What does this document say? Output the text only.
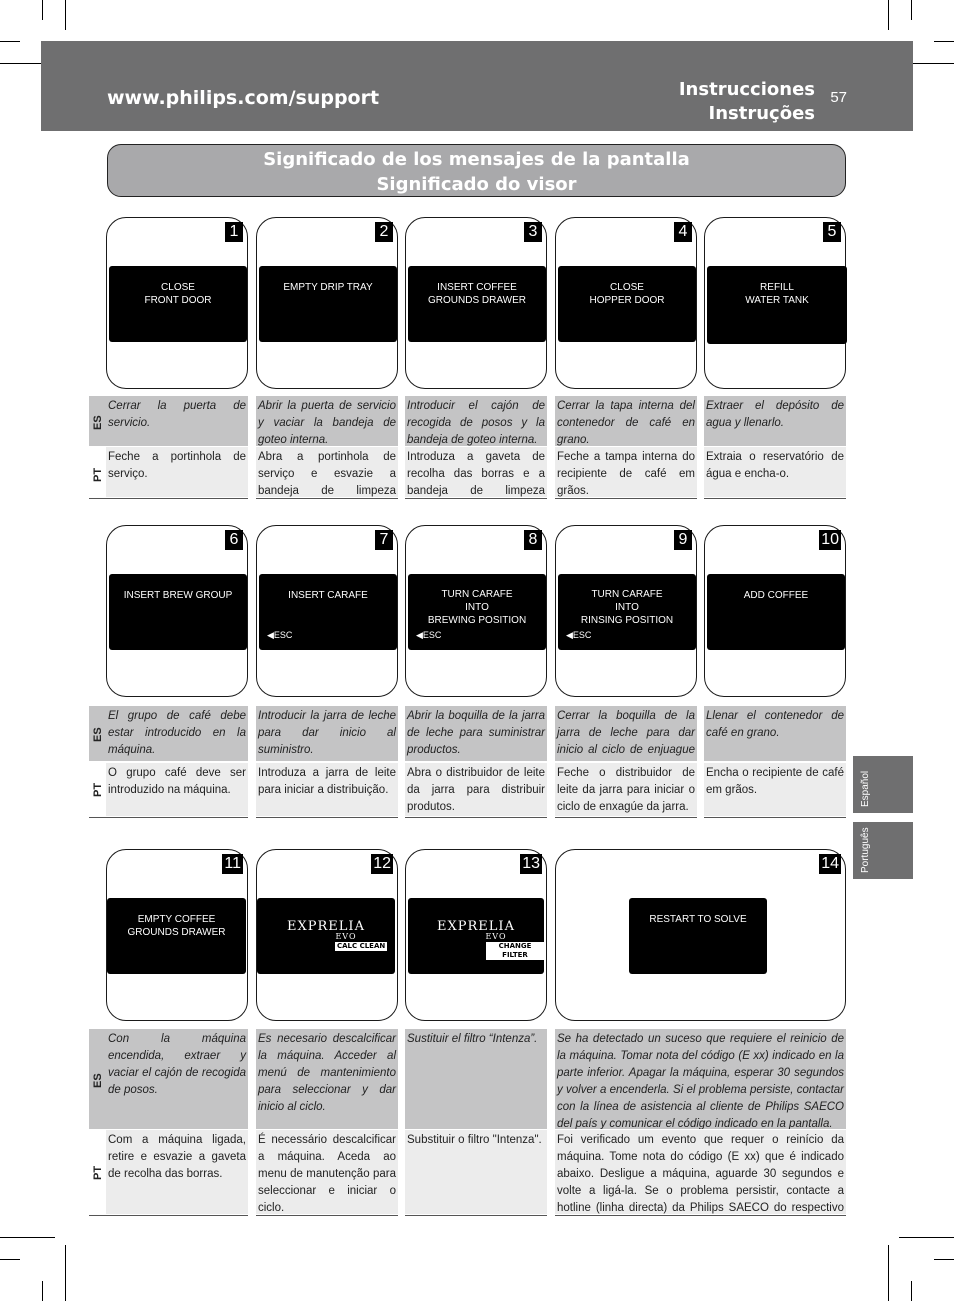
www.philips.com/support	Instrucciones
Instruções
57
Significado de los mensajes de la pantalla
Significado do visor
Español
Português
1
CLOSE
FRONT DOOR
Cerrar la puerta de servicio.
Feche a portinhola de serviço.
ES
PT
2
EMPTY DRIP TRAY
Abrir la puerta de servicio y vaciar la bandeja de goteo interna.
Abra a portinhola de serviço e esvazie a bandeja de limpeza
3
INSERT COFFEE
GROUNDS DRAWER
Introducir el cajón de recogida de posos y la bandeja de goteo interna.
Introduza a gaveta de recolha das borras e a bandeja de limpeza
4
CLOSE
HOPPER DOOR
Cerrar la tapa interna del contenedor de café en grano.
Feche a tampa interna do recipiente de café em grãos.
5
REFILL
WATER TANK
Extraer el depósito de agua y llenarlo.
Extraia o reservatório de água e encha-o.
6
INSERT BREW GROUP
El grupo de café debe estar introducido en la máquina.
O grupo café deve ser introduzido na máquina.
ES
PT
7
INSERT CARAFE
◀ESC
Introducir la jarra de leche para dar inicio al suministro.
Introduza a jarra de leite para iniciar a distribuição.
8
TURN CARAFE
INTO
BREWING POSITION
◀ESC
Abrir la boquilla de la jarra de leche para suministrar productos.
Abra o distribuidor de leite da jarra para distribuir produtos.
9
TURN CARAFE
INTO
RINSING POSITION
◀ESC
Cerrar la boquilla de la jarra de leche para dar inicio al ciclo de enjuague
Feche o distribuidor de leite da jarra para iniciar o ciclo de enxagúe da jarra.
10
ADD COFFEE
Llenar el contenedor de café en grano.
Encha o recipiente de café em grãos.
11
EMPTY COFFEE
GROUNDS DRAWER
Con la máquina encendida, extraer y vaciar el cajón de recogida de posos.
Com a máquina ligada, retire e esvazie a gaveta de recolha das borras.
ES
PT
12
EXPRELIA
EVO
CALC CLEAN
Es necesario descalcificar la máquina. Acceder al menú de mantenimiento para seleccionar y dar inicio al ciclo.
É necessário descalcificar a máquina. Aceda ao menu de manutenção para seleccionar e iniciar o ciclo.
13
EXPRELIA
EVO
CHANGE FILTER
Sustituir el filtro “Intenza”.
Substituir o filtro "Intenza".
14
RESTART TO SOLVE
Se ha detectado un suceso que requiere el reinicio de la máquina. Tomar nota del código (E xx) indicado en la parte inferior. Apagar la máquina, esperar 30 segundos y volver a encenderla. Si el problema persiste, contactar con la línea de asistencia al cliente de Philips SAECO del país y comunicar el código indicado en la pantalla.
Foi verificado um evento que requer o reinício da máquina. Tome nota do código (E xx) que é indicado abaixo. Desligue a máquina, aguarde 30 segundos e volte a ligá-la. Se o problema persistir, contacte a hotline (linha directa) da Philips SAECO do respectivo
